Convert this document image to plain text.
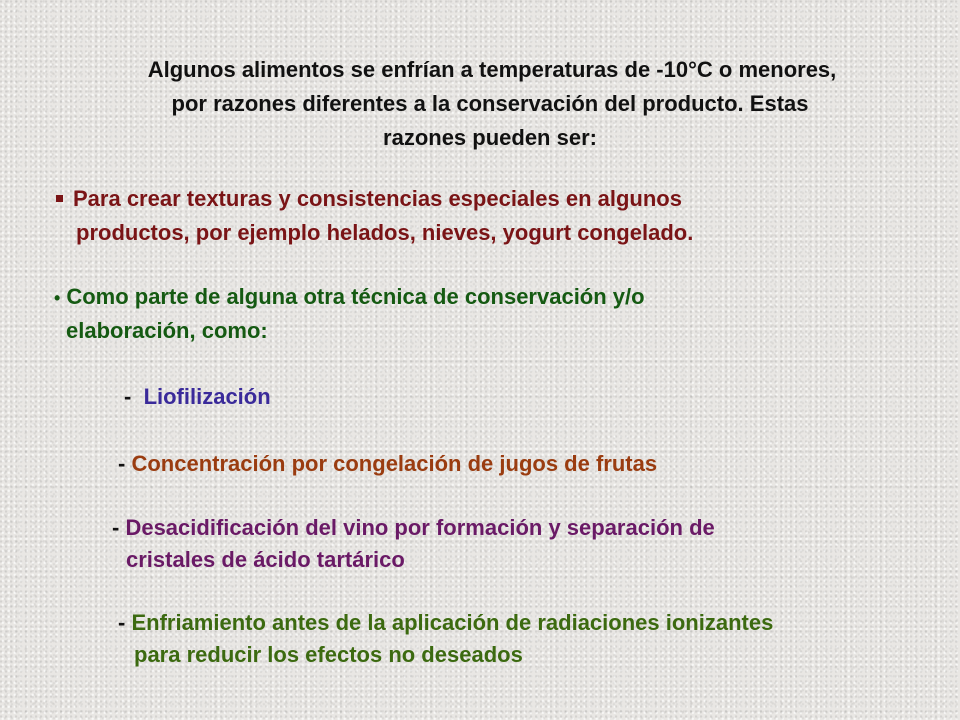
Algunos alimentos se enfrían a temperaturas de -10°C o menores,
por razones diferentes a la conservación del producto. Estas
razones pueden ser:
Para crear texturas y consistencias especiales en algunos
productos, por ejemplo helados, nieves, yogurt congelado.
• Como parte de alguna otra técnica de conservación y/o
elaboración, como:
- Liofilización
- Concentración por congelación de jugos de frutas
- Desacidificación del vino por formación y separación de
cristales de ácido tartárico
- Enfriamiento antes de la aplicación de radiaciones ionizantes
para reducir los efectos no deseados
